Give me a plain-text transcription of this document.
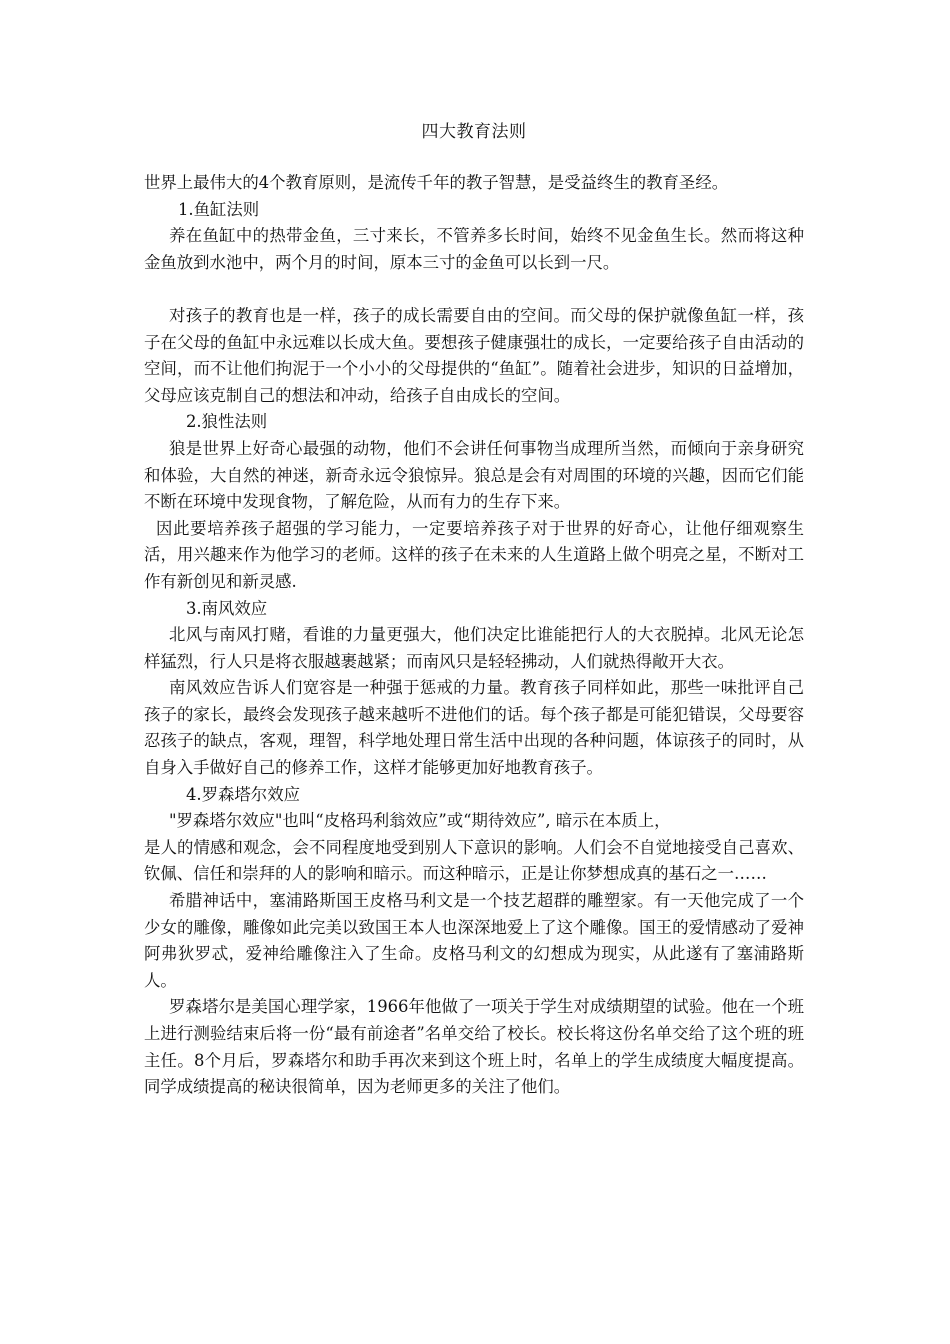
四大教育法则

世界上最伟大的4个教育原则，是流传千年的教子智慧，是受益终生的教育圣经。

1.鱼缸法则

养在鱼缸中的热带金鱼，三寸来长，不管养多长时间，始终不见金鱼生长。然而将这种金鱼放到水池中，两个月的时间，原本三寸的金鱼可以长到一尺。

对孩子的教育也是一样，孩子的成长需要自由的空间。而父母的保护就像鱼缸一样，孩子在父母的鱼缸中永远难以长成大鱼。要想孩子健康强壮的成长，一定要给孩子自由活动的空间，而不让他们拘泥于一个小小的父母提供的“鱼缸”。随着社会进步，知识的日益增加，父母应该克制自己的想法和冲动，给孩子自由成长的空间。

2.狼性法则

狼是世界上好奇心最强的动物，他们不会讲任何事物当成理所当然，而倾向于亲身研究和体验，大自然的神迷，新奇永远令狼惊异。狼总是会有对周围的环境的兴趣，因而它们能不断在环境中发现食物，了解危险，从而有力的生存下来。

因此要培养孩子超强的学习能力，一定要培养孩子对于世界的好奇心，让他仔细观察生活，用兴趣来作为他学习的老师。这样的孩子在未来的人生道路上做个明亮之星，不断对工作有新创见和新灵感.

3.南风效应

北风与南风打赌，看谁的力量更强大，他们决定比谁能把行人的大衣脱掉。北风无论怎样猛烈，行人只是将衣服越裹越紧；而南风只是轻轻拂动，人们就热得敞开大衣。

南风效应告诉人们宽容是一种强于惩戒的力量。教育孩子同样如此，那些一味批评自己孩子的家长，最终会发现孩子越来越听不进他们的话。每个孩子都是可能犯错误，父母要容忍孩子的缺点，客观，理智，科学地处理日常生活中出现的各种问题，体谅孩子的同时，从自身入手做好自己的修养工作，这样才能够更加好地教育孩子。

4.罗森塔尔效应

"罗森塔尔效应"也叫“皮格玛利翁效应”或“期待效应”, 暗示在本质上，

是人的情感和观念，会不同程度地受到别人下意识的影响。人们会不自觉地接受自己喜欢、钦佩、信任和崇拜的人的影响和暗示。而这种暗示，正是让你梦想成真的基石之一……

希腊神话中，塞浦路斯国王皮格马利文是一个技艺超群的雕塑家。有一天他完成了一个少女的雕像，雕像如此完美以致国王本人也深深地爱上了这个雕像。国王的爱情感动了爱神阿弗狄罗忒，爱神给雕像注入了生命。皮格马利文的幻想成为现实，从此遂有了塞浦路斯人。

罗森塔尔是美国心理学家，1966年他做了一项关于学生对成绩期望的试验。他在一个班上进行测验结束后将一份“最有前途者”名单交给了校长。校长将这份名单交给了这个班的班主任。8个月后，罗森塔尔和助手再次来到这个班上时，名单上的学生成绩度大幅度提高。同学成绩提高的秘诀很简单，因为老师更多的关注了他们。
